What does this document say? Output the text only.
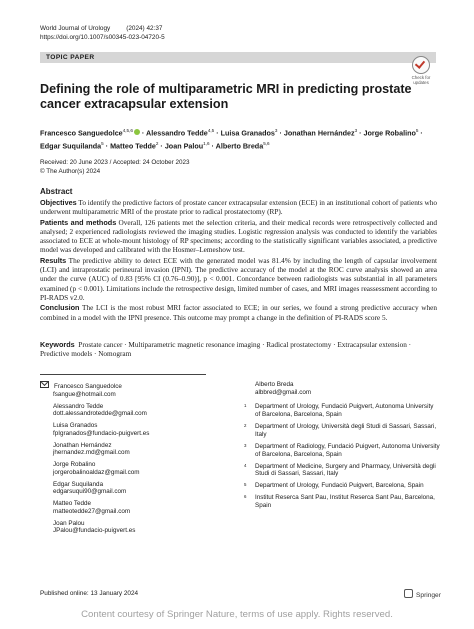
World Journal of Urology (2024) 42:37
https://doi.org/10.1007/s00345-023-04720-5
TOPIC PAPER
Check for updates
Defining the role of multiparametric MRI in predicting prostate cancer extracapsular extension
Francesco Sanguedolce$^{4,5,6}$ · Alessandro Tedde$^{4,5}$ · Luisa Granados$^3$ · Jonathan Hernández$^3$ · Jorge Robalino$^5$ · Edgar Suquilanda$^5$ · Matteo Tedde$^2$ · Joan Palou$^{1,6}$ · Alberto Breda$^{5,6}$
Received: 20 June 2023 / Accepted: 24 October 2023
© The Author(s) 2024
Abstract

Objectives To identify the predictive factors of prostate cancer extracapsular extension (ECE) in an institutional cohort of patients who underwent multiparametric MRI of the prostate prior to radical prostatectomy (RP).

Patients and methods Overall, 126 patients met the selection criteria, and their medical records were retrospectively collected and analysed; 2 experienced radiologists reviewed the imaging studies. Logistic regression analysis was conducted to identify the variables associated to ECE at whole-mount histology of RP specimens; according to the statistically significant variables associated, a predictive model was developed and calibrated with the Hosmer–Lemeshow test.

Results The predictive ability to detect ECE with the generated model was 81.4% by including the length of capsular involvement (LCI) and intraprostatic perineural invasion (IPNI). The predictive accuracy of the model at the ROC curve analysis showed an area under the curve (AUC) of 0.83 [95% CI (0.76–0.90)], p < 0.001. Concordance between radiologists was substantial in all parameters examined (p < 0.001). Limitations include the retrospective design, limited number of cases, and MRI images reassessment according to PI-RADS v2.0.

Conclusion The LCI is the most robust MRI factor associated to ECE; in our series, we found a strong predictive accuracy when combined in a model with the IPNI presence. This outcome may prompt a change in the definition of PI-RADS score 5.

Keywords Prostate cancer · Multiparametric magnetic resonance imaging · Radical prostatectomy · Extracapsular extension · Predictive models · Nomogram
Francesco Sanguedolce
fsangue@hotmail.com
Alessandro Tedde
dott.alessandrotedde@gmail.com
Luisa Granados
fpIgranados@fundacio-puigvert.es
Jonathan Hernández
jhernandez.md@gmail.com
Jorge Robalino
jorgerobalinoaldaz@gmail.com
Edgar Suquilanda
edgarsuqui90@gmail.com
Matteo Tedde
matteotedde27@gmail.com
Joan Palou
JPalou@fundacio-puigvert.es
Alberto Breda
albbred@gmail.com
1 Department of Urology, Fundació Puigvert, Autonoma University of Barcelona, Barcelona, Spain
2 Department of Urology, Università degli Studi di Sassari, Sassari, Italy
3 Department of Radiology, Fundació Puigvert, Autonoma University of Barcelona, Barcelona, Spain
4 Department of Medicine, Surgery and Pharmacy, Università degli Studi di Sassari, Sassari, Italy
5 Department of Urology, Fundació Puigvert, Barcelona, Spain
6 Institut Reserca Sant Pau, Institut Reserca Sant Pau, Barcelona, Spain
Published online: 13 January 2024	Springer
Content courtesy of Springer Nature, terms of use apply. Rights reserved.
